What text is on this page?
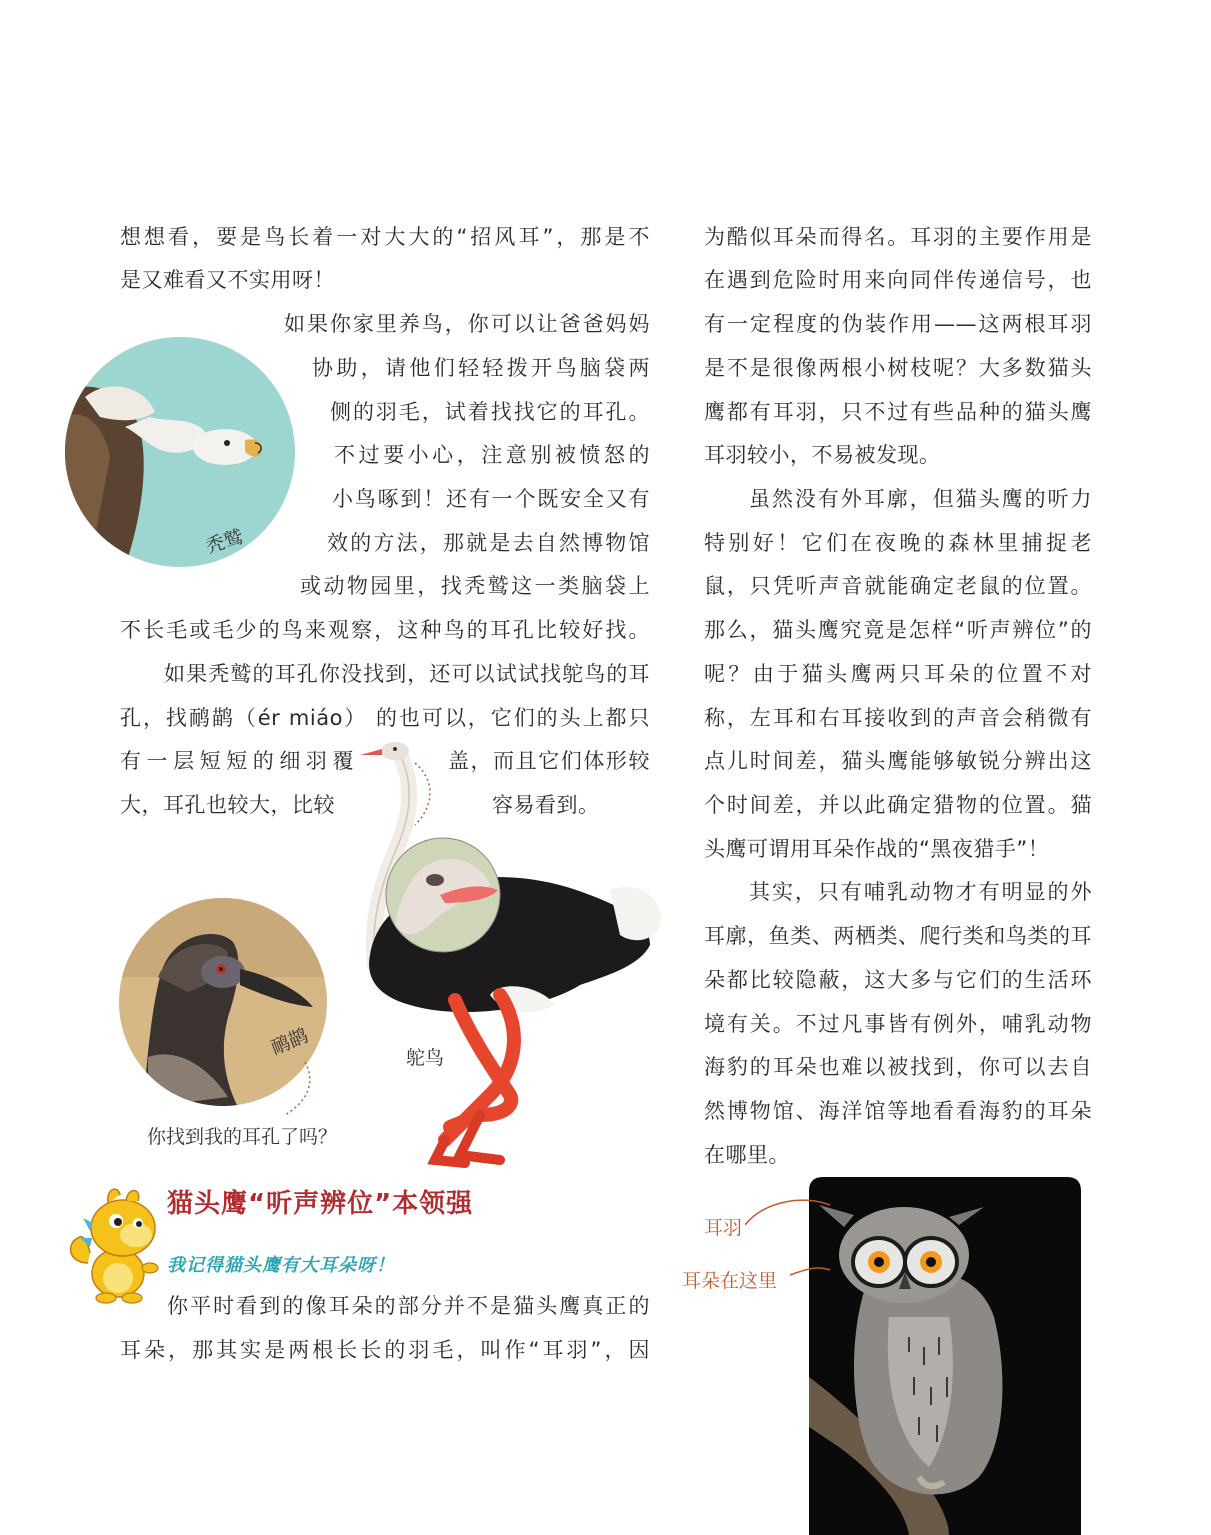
想想看，要是鸟长着一对大大的“招风耳”，那是不
是又难看又不实用呀！
如果你家里养鸟，你可以让爸爸妈妈
协助，请他们轻轻拨开鸟脑袋两
侧的羽毛，试着找找它的耳孔。
不过要小心，注意别被愤怒的
小鸟啄到！还有一个既安全又有
效的方法，那就是去自然博物馆
或动物园里，找秃鹫这一类脑袋上
不长毛或毛少的鸟来观察，这种鸟的耳孔比较好找。
如果秃鹫的耳孔你没找到，还可以试试找鸵鸟的耳
孔，找鸸鹋（ér miáo） 的也可以，它们的头上都只
有一层短短的细羽覆	盖，而且它们体形较
大，耳孔也较大，比较	容易看到。
秃鹫
鸵鸟
鸸鹋
你找到我的耳孔了吗？
猫头鹰“听声辨位”本领强
我记得猫头鹰有大耳朵呀！
你平时看到的像耳朵的部分并不是猫头鹰真正的
耳朵，那其实是两根长长的羽毛，叫作“耳羽”，因
为酷似耳朵而得名。耳羽的主要作用是
在遇到危险时用来向同伴传递信号，也
有一定程度的伪装作用——这两根耳羽
是不是很像两根小树枝呢？大多数猫头
鹰都有耳羽，只不过有些品种的猫头鹰
耳羽较小，不易被发现。
虽然没有外耳廓，但猫头鹰的听力
特别好！它们在夜晚的森林里捕捉老
鼠，只凭听声音就能确定老鼠的位置。
那么，猫头鹰究竟是怎样“听声辨位”的
呢？由于猫头鹰两只耳朵的位置不对
称，左耳和右耳接收到的声音会稍微有
点儿时间差，猫头鹰能够敏锐分辨出这
个时间差，并以此确定猎物的位置。猫
头鹰可谓用耳朵作战的“黑夜猎手”！
其实，只有哺乳动物才有明显的外
耳廓，鱼类、两栖类、爬行类和鸟类的耳
朵都比较隐蔽，这大多与它们的生活环
境有关。不过凡事皆有例外，哺乳动物
海豹的耳朵也难以被找到，你可以去自
然博物馆、海洋馆等地看看海豹的耳朵
在哪里。
耳羽
耳朵在这里
